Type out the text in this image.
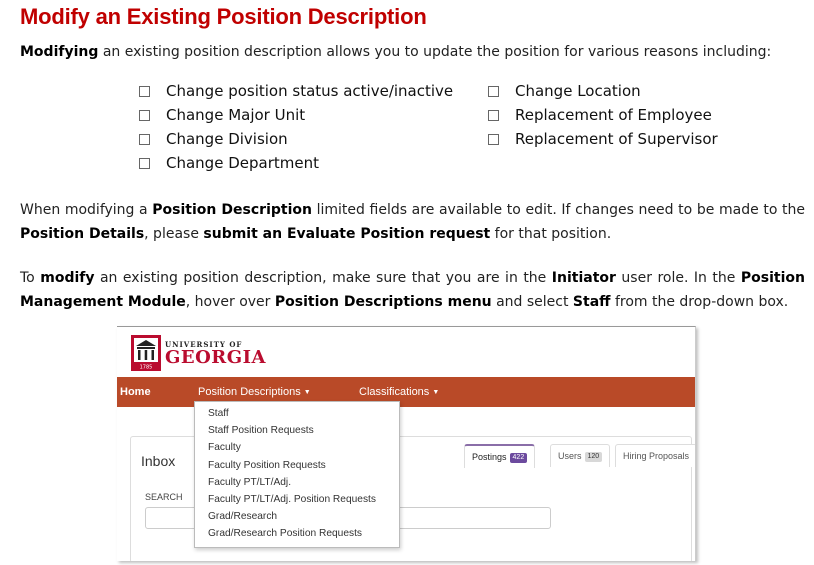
Modify an Existing Position Description

Modifying an existing position description allows you to update the position for various reasons including:

Change position status active/inactive
Change Major Unit
Change Division
Change Department
Change Location
Replacement of Employee
Replacement of Supervisor

When modifying a Position Description limited fields are available to edit. If changes need to be made to the Position Details, please submit an Evaluate Position request for that position.

To modify an existing position description, make sure that you are in the Initiator user role. In the Position Management Module, hover over Position Descriptions menu and select Staff from the drop-down box.

1785
UNIVERSITY OF
GEORGIA
Home	Position Descriptions ▼	Classifications ▼
Inbox
SEARCH
Postings 422	Users 120	Hiring Proposals
Staff
Staff Position Requests
Faculty
Faculty Position Requests
Faculty PT/LT/Adj.
Faculty PT/LT/Adj. Position Requests
Grad/Research
Grad/Research Position Requests
